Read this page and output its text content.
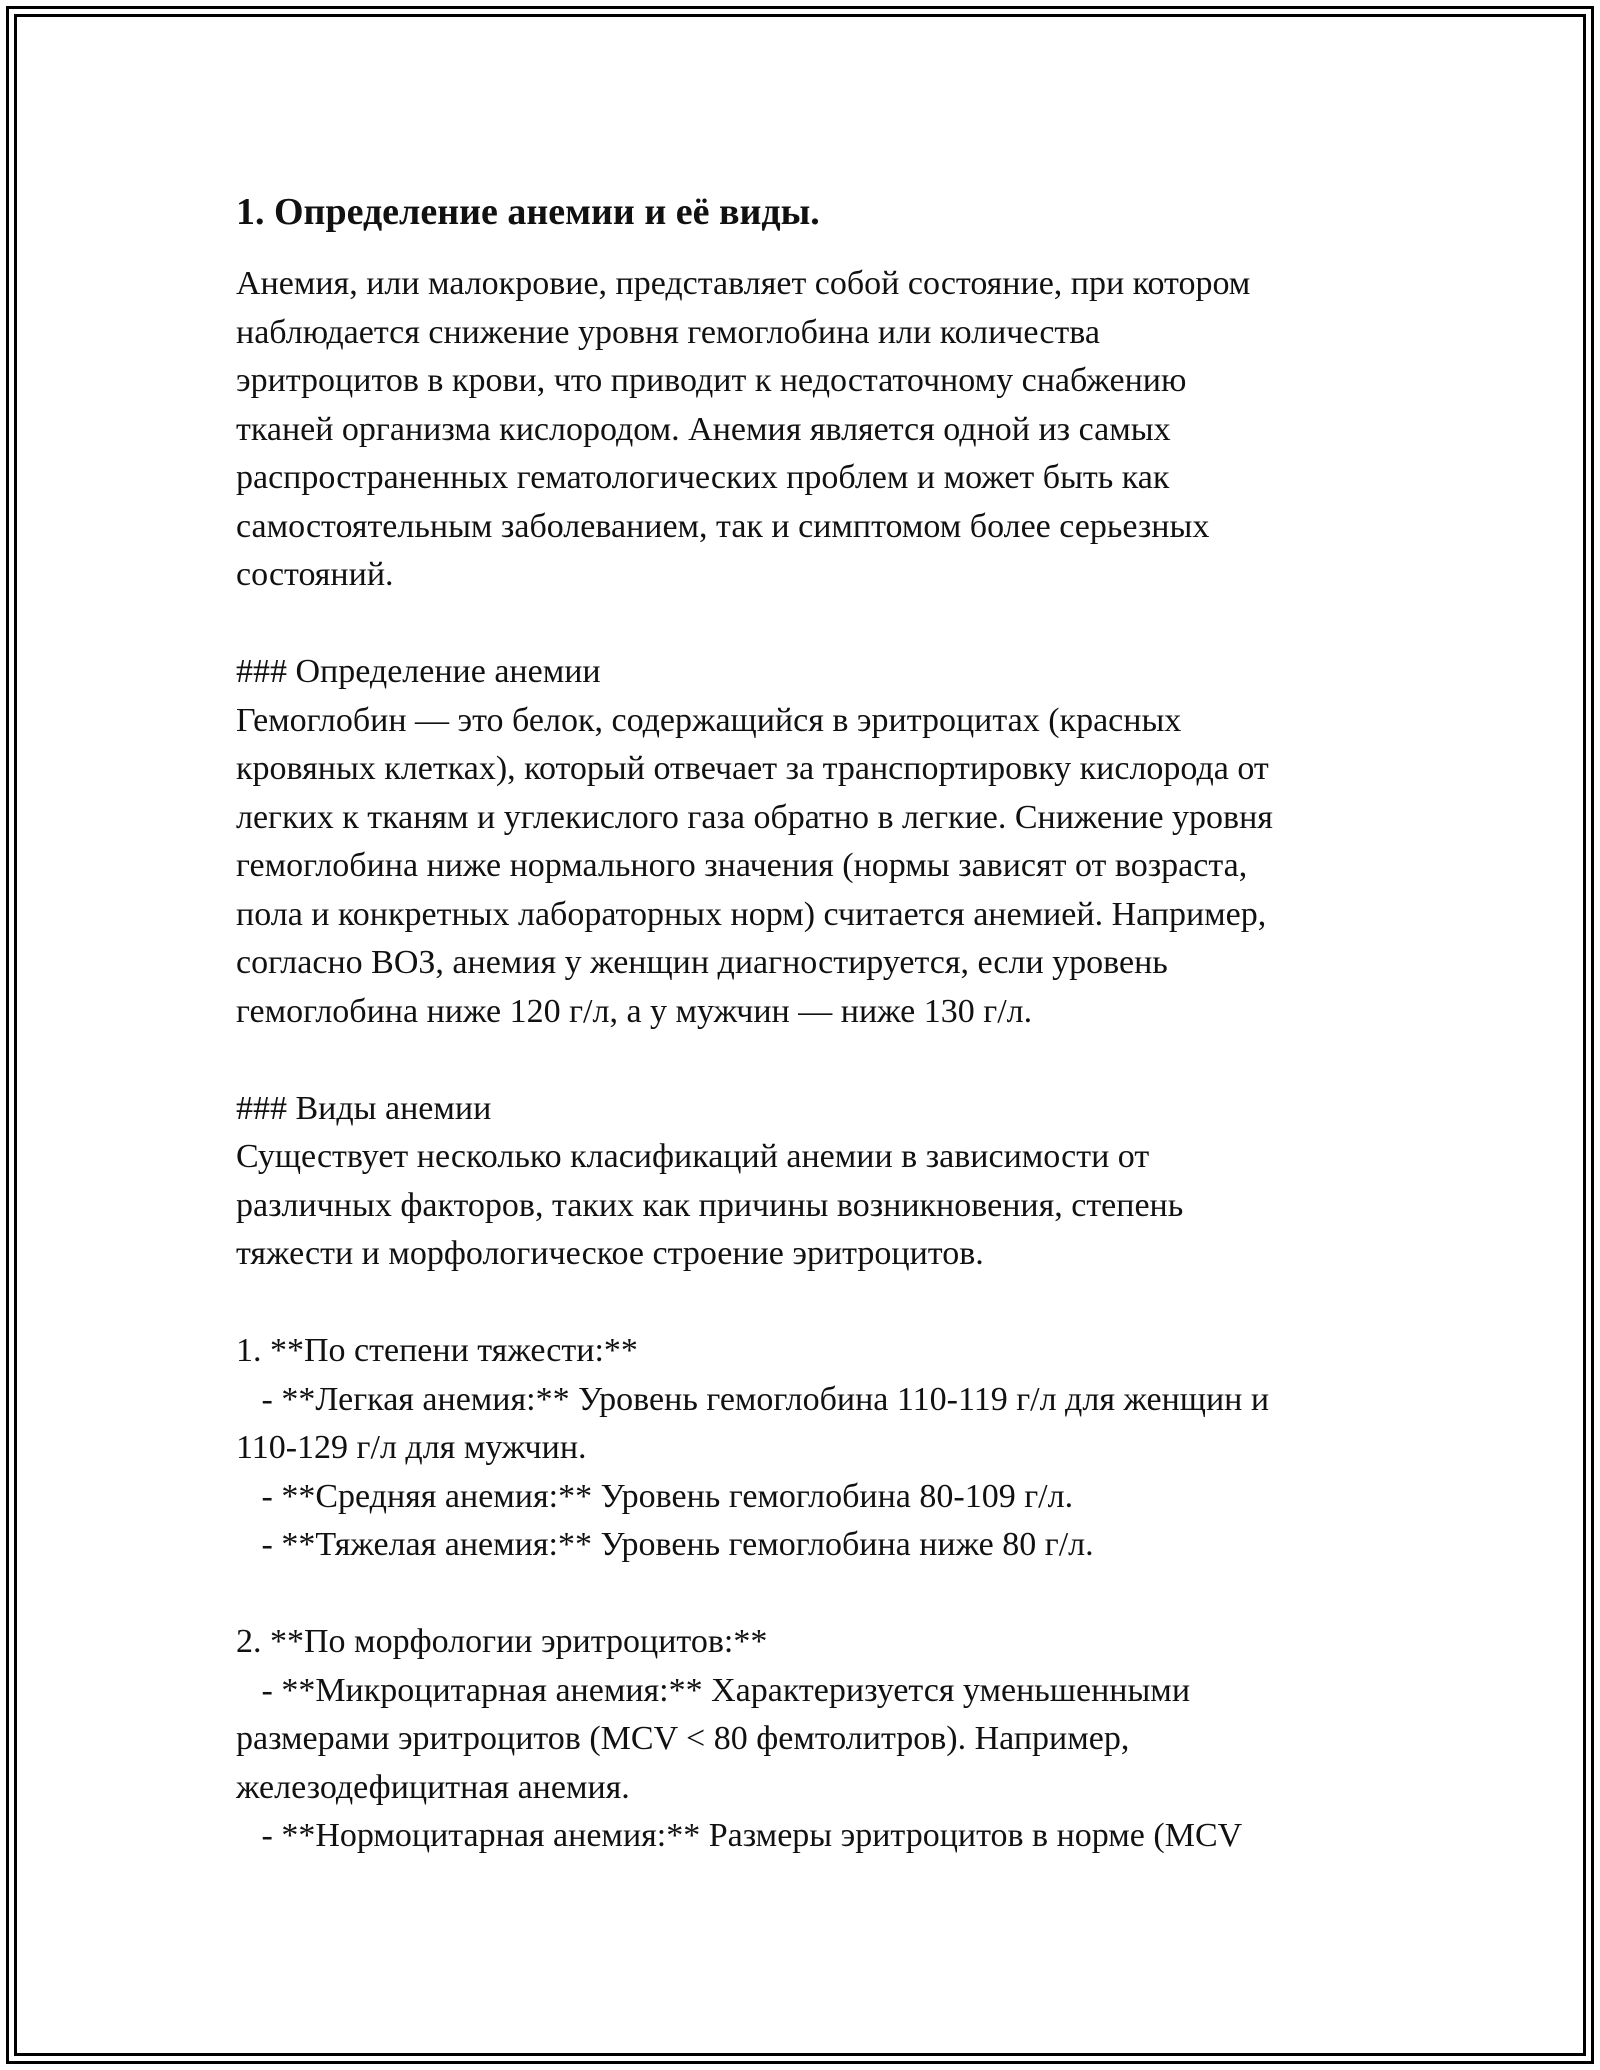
1. Определение анемии и её виды.

Анемия, или малокровие, представляет собой состояние, при котором

наблюдается снижение уровня гемоглобина или количества

эритроцитов в крови, что приводит к недостаточному снабжению

тканей организма кислородом. Анемия является одной из самых

распространенных гематологических проблем и может быть как

самостоятельным заболеванием, так и симптомом более серьезных

состояний.

### Определение анемии

Гемоглобин — это белок, содержащийся в эритроцитах (красных

кровяных клетках), который отвечает за транспортировку кислорода от

легких к тканям и углекислого газа обратно в легкие. Снижение уровня

гемоглобина ниже нормального значения (нормы зависят от возраста,

пола и конкретных лабораторных норм) считается анемией. Например,

согласно ВОЗ, анемия у женщин диагностируется, если уровень

гемоглобина ниже 120 г/л, а у мужчин — ниже 130 г/л.

### Виды анемии

Существует несколько класификаций анемии в зависимости от

различных факторов, таких как причины возникновения, степень

тяжести и морфологическое строение эритроцитов.

1. **По степени тяжести:**

- **Легкая анемия:** Уровень гемоглобина 110-119 г/л для женщин и

110-129 г/л для мужчин.

- **Средняя анемия:** Уровень гемоглобина 80-109 г/л.

- **Тяжелая анемия:** Уровень гемоглобина ниже 80 г/л.

2. **По морфологии эритроцитов:**

- **Микроцитарная анемия:** Характеризуется уменьшенными

размерами эритроцитов (MCV < 80 фемтолитров). Например,

железодефицитная анемия.

- **Нормоцитарная анемия:** Размеры эритроцитов в норме (MCV
